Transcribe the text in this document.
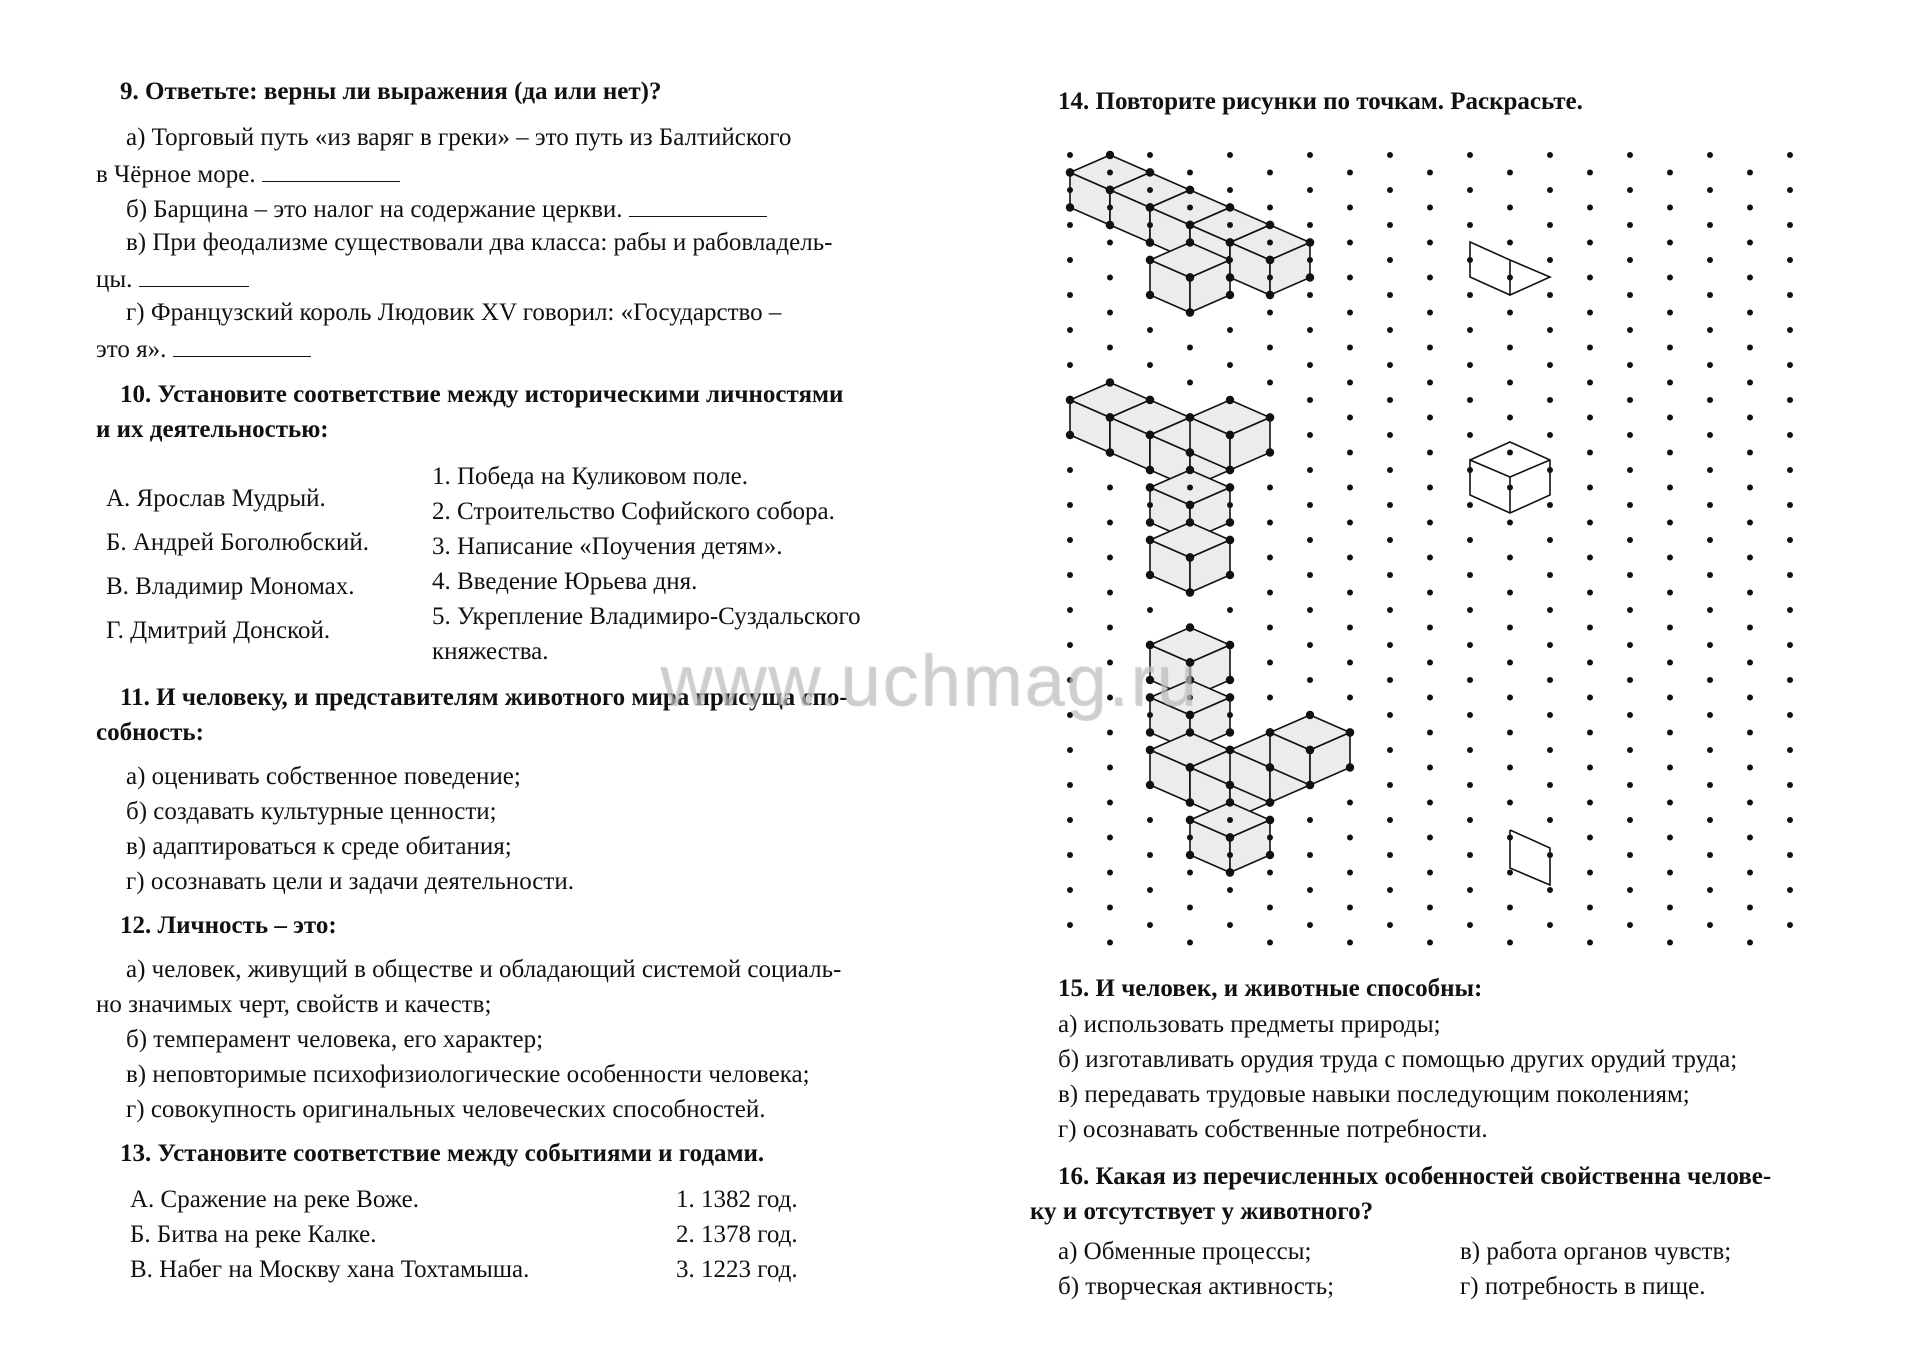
9. Ответьте: верны ли выражения (да или нет)?
а) Торговый путь «из варяг в греки» – это путь из Балтийского
в Чёрное море.
б) Барщина – это налог на содержание церкви.
в) При феодализме существовали два класса: рабы и рабовладель-
цы.
г) Французский король Людовик XV говорил: «Государство –
это я».
10. Установите соответствие между историческими личностями
и их деятельностью:
А. Ярослав Мудрый.
Б. Андрей Боголюбский.
В. Владимир Мономах.
Г. Дмитрий Донской.
1. Победа на Куликовом поле.
2. Строительство Софийского собора.
3. Написание «Поучения детям».
4. Введение Юрьева дня.
5. Укрепление Владимиро-Суздальского
княжества.
11. И человеку, и представителям животного мира присуща спо-
собность:
а) оценивать собственное поведение;
б) создавать культурные ценности;
в) адаптироваться к среде обитания;
г) осознавать цели и задачи деятельности.
12. Личность – это:
а) человек, живущий в обществе и обладающий системой социаль-
но значимых черт, свойств и качеств;
б) темперамент человека, его характер;
в) неповторимые психофизиологические особенности человека;
г) совокупность оригинальных человеческих способностей.
13. Установите соответствие между событиями и годами.
А. Сражение на реке Воже.
Б. Битва на реке Калке.
В. Набег на Москву хана Тохтамыша.
1. 1382 год.
2. 1378 год.
3. 1223 год.
14. Повторите рисунки по точкам. Раскрасьте.
15. И человек, и животные способны:
а) использовать предметы природы;
б) изготавливать орудия труда с помощью других орудий труда;
в) передавать трудовые навыки последующим поколениям;
г) осознавать собственные потребности.
16. Какая из перечисленных особенностей свойственна челове-
ку и отсутствует у животного?
а) Обменные процессы;	в) работа органов чувств;
б) творческая активность;	г) потребность в пище.
www.uchmag.ru
